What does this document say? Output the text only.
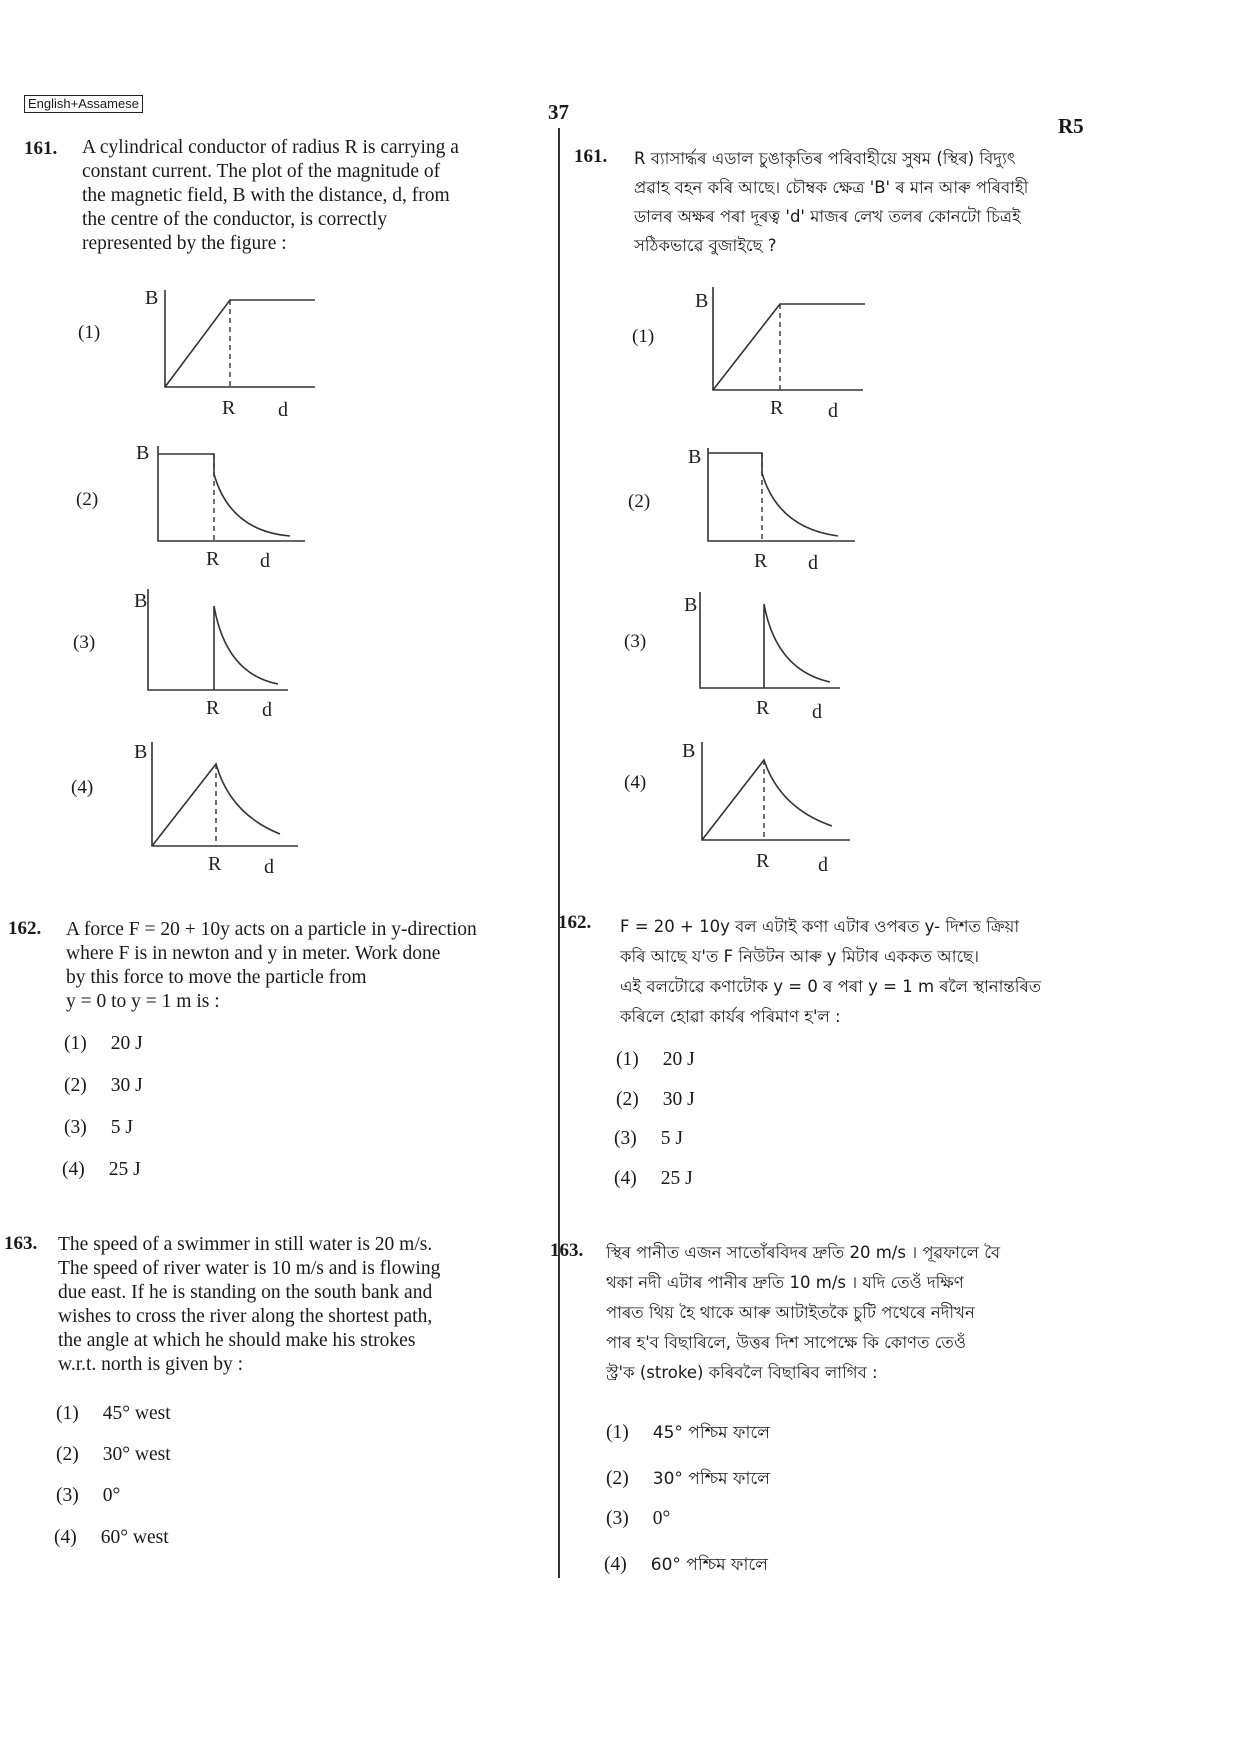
English+Assamese	37
R5
161. A cylindrical conductor of radius R is carrying a
constant current. The plot of the magnitude of
the magnetic field, B with the distance, d, from
the centre of the conductor, is correctly
represented by the figure :
(1)
(2)
(3)
(4)
B
R d
B
R d
B
R d
B
R d
162. A force F = 20 + 10y acts on a particle in y-direction
where F is in newton and y in meter. Work done
by this force to move the particle from
y = 0 to y = 1 m is :
(1) 20 J
(2) 30 J
(3) 5 J
(4) 25 J
163. The speed of a swimmer in still water is 20 m/s.
The speed of river water is 10 m/s and is flowing
due east. If he is standing on the south bank and
wishes to cross the river along the shortest path,
the angle at which he should make his strokes
w.r.t. north is given by :
(1) 45° west
(2) 30° west
(3) 0°
(4) 60° west
161. R ব্যাসাৰ্দ্ধৰ এডাল চুঙাকৃতিৰ পৰিবাহীয়ে সুষম (স্থিৰ) বিদ্যুৎ
প্ৰৱাহ বহন কৰি আছে। চৌম্বক ক্ষেত্ৰ 'B' ৰ মান আৰু পৰিবাহী
ডালৰ অক্ষৰ পৰা দূৰত্ব 'd' মাজৰ লেখ তলৰ কোনটো চিত্ৰই
সঠিকভাৱে বুজাইছে ?
(1)
(2)
(3)
(4)
B
R d
B
R d
B
R d
B
R d
162. F = 20 + 10y বল এটাই কণা এটাৰ ওপৰত y- দিশত ক্ৰিয়া
কৰি আছে য'ত F নিউটন আৰু y মিটাৰ এককত আছে।
এই বলটোৱে কণাটোক y = 0 ৰ পৰা y = 1 m ৰলৈ স্থানান্তৰিত
কৰিলে হোৱা কাৰ্যৰ পৰিমাণ হ'ল :
(1) 20 J
(2) 30 J
(3) 5 J
(4) 25 J
163. স্থিৰ পানীত এজন সাতোঁৰবিদৰ দ্ৰুতি 20 m/s । পূৱফালে বৈ
থকা নদী এটাৰ পানীৰ দ্ৰুতি 10 m/s । যদি তেওঁ দক্ষিণ
পাৰত থিয় হৈ থাকে আৰু আটাইতকৈ চুটি পথেৰে নদীখন
পাৰ হ'ব বিছাৰিলে, উত্তৰ দিশ সাপেক্ষে কি কোণত তেওঁ
স্ট্ৰ'ক (stroke) কৰিবলৈ বিছাৰিব লাগিব :
(1) 45° পশ্চিম ফালে
(2) 30° পশ্চিম ফালে
(3) 0°
(4) 60° পশ্চিম ফালে
